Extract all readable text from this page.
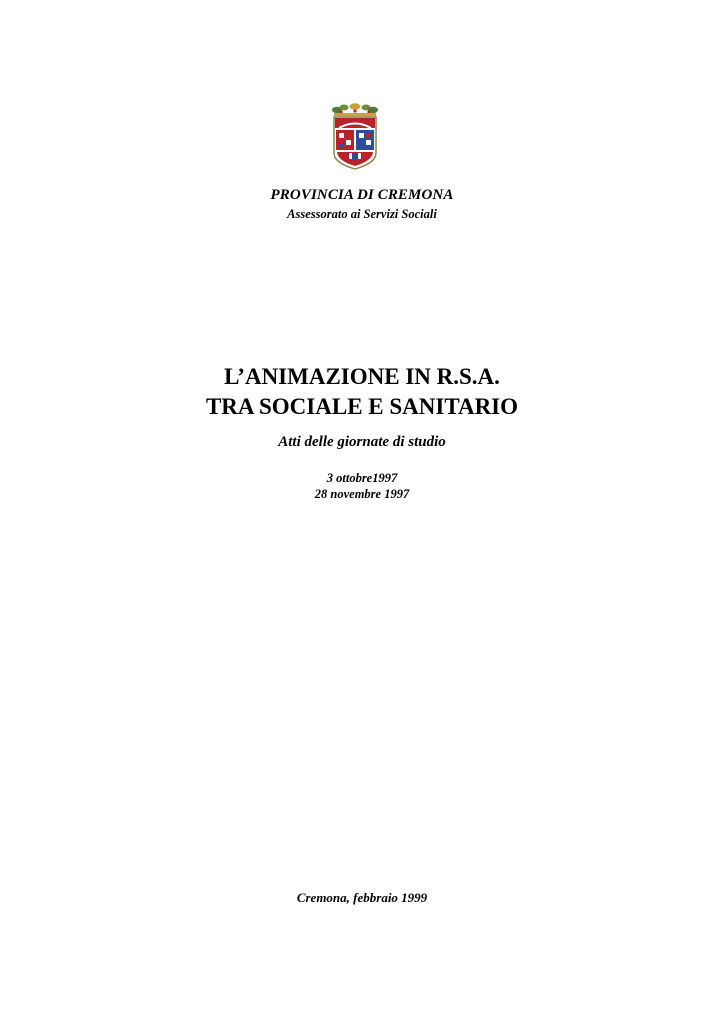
PROVINCIA DI CREMONA
Assessorato ai Servizi Sociali
L’ANIMAZIONE IN R.S.A.
TRA SOCIALE E SANITARIO
Atti delle giornate di studio
3 ottobre1997
28 novembre 1997
Cremona, febbraio 1999
